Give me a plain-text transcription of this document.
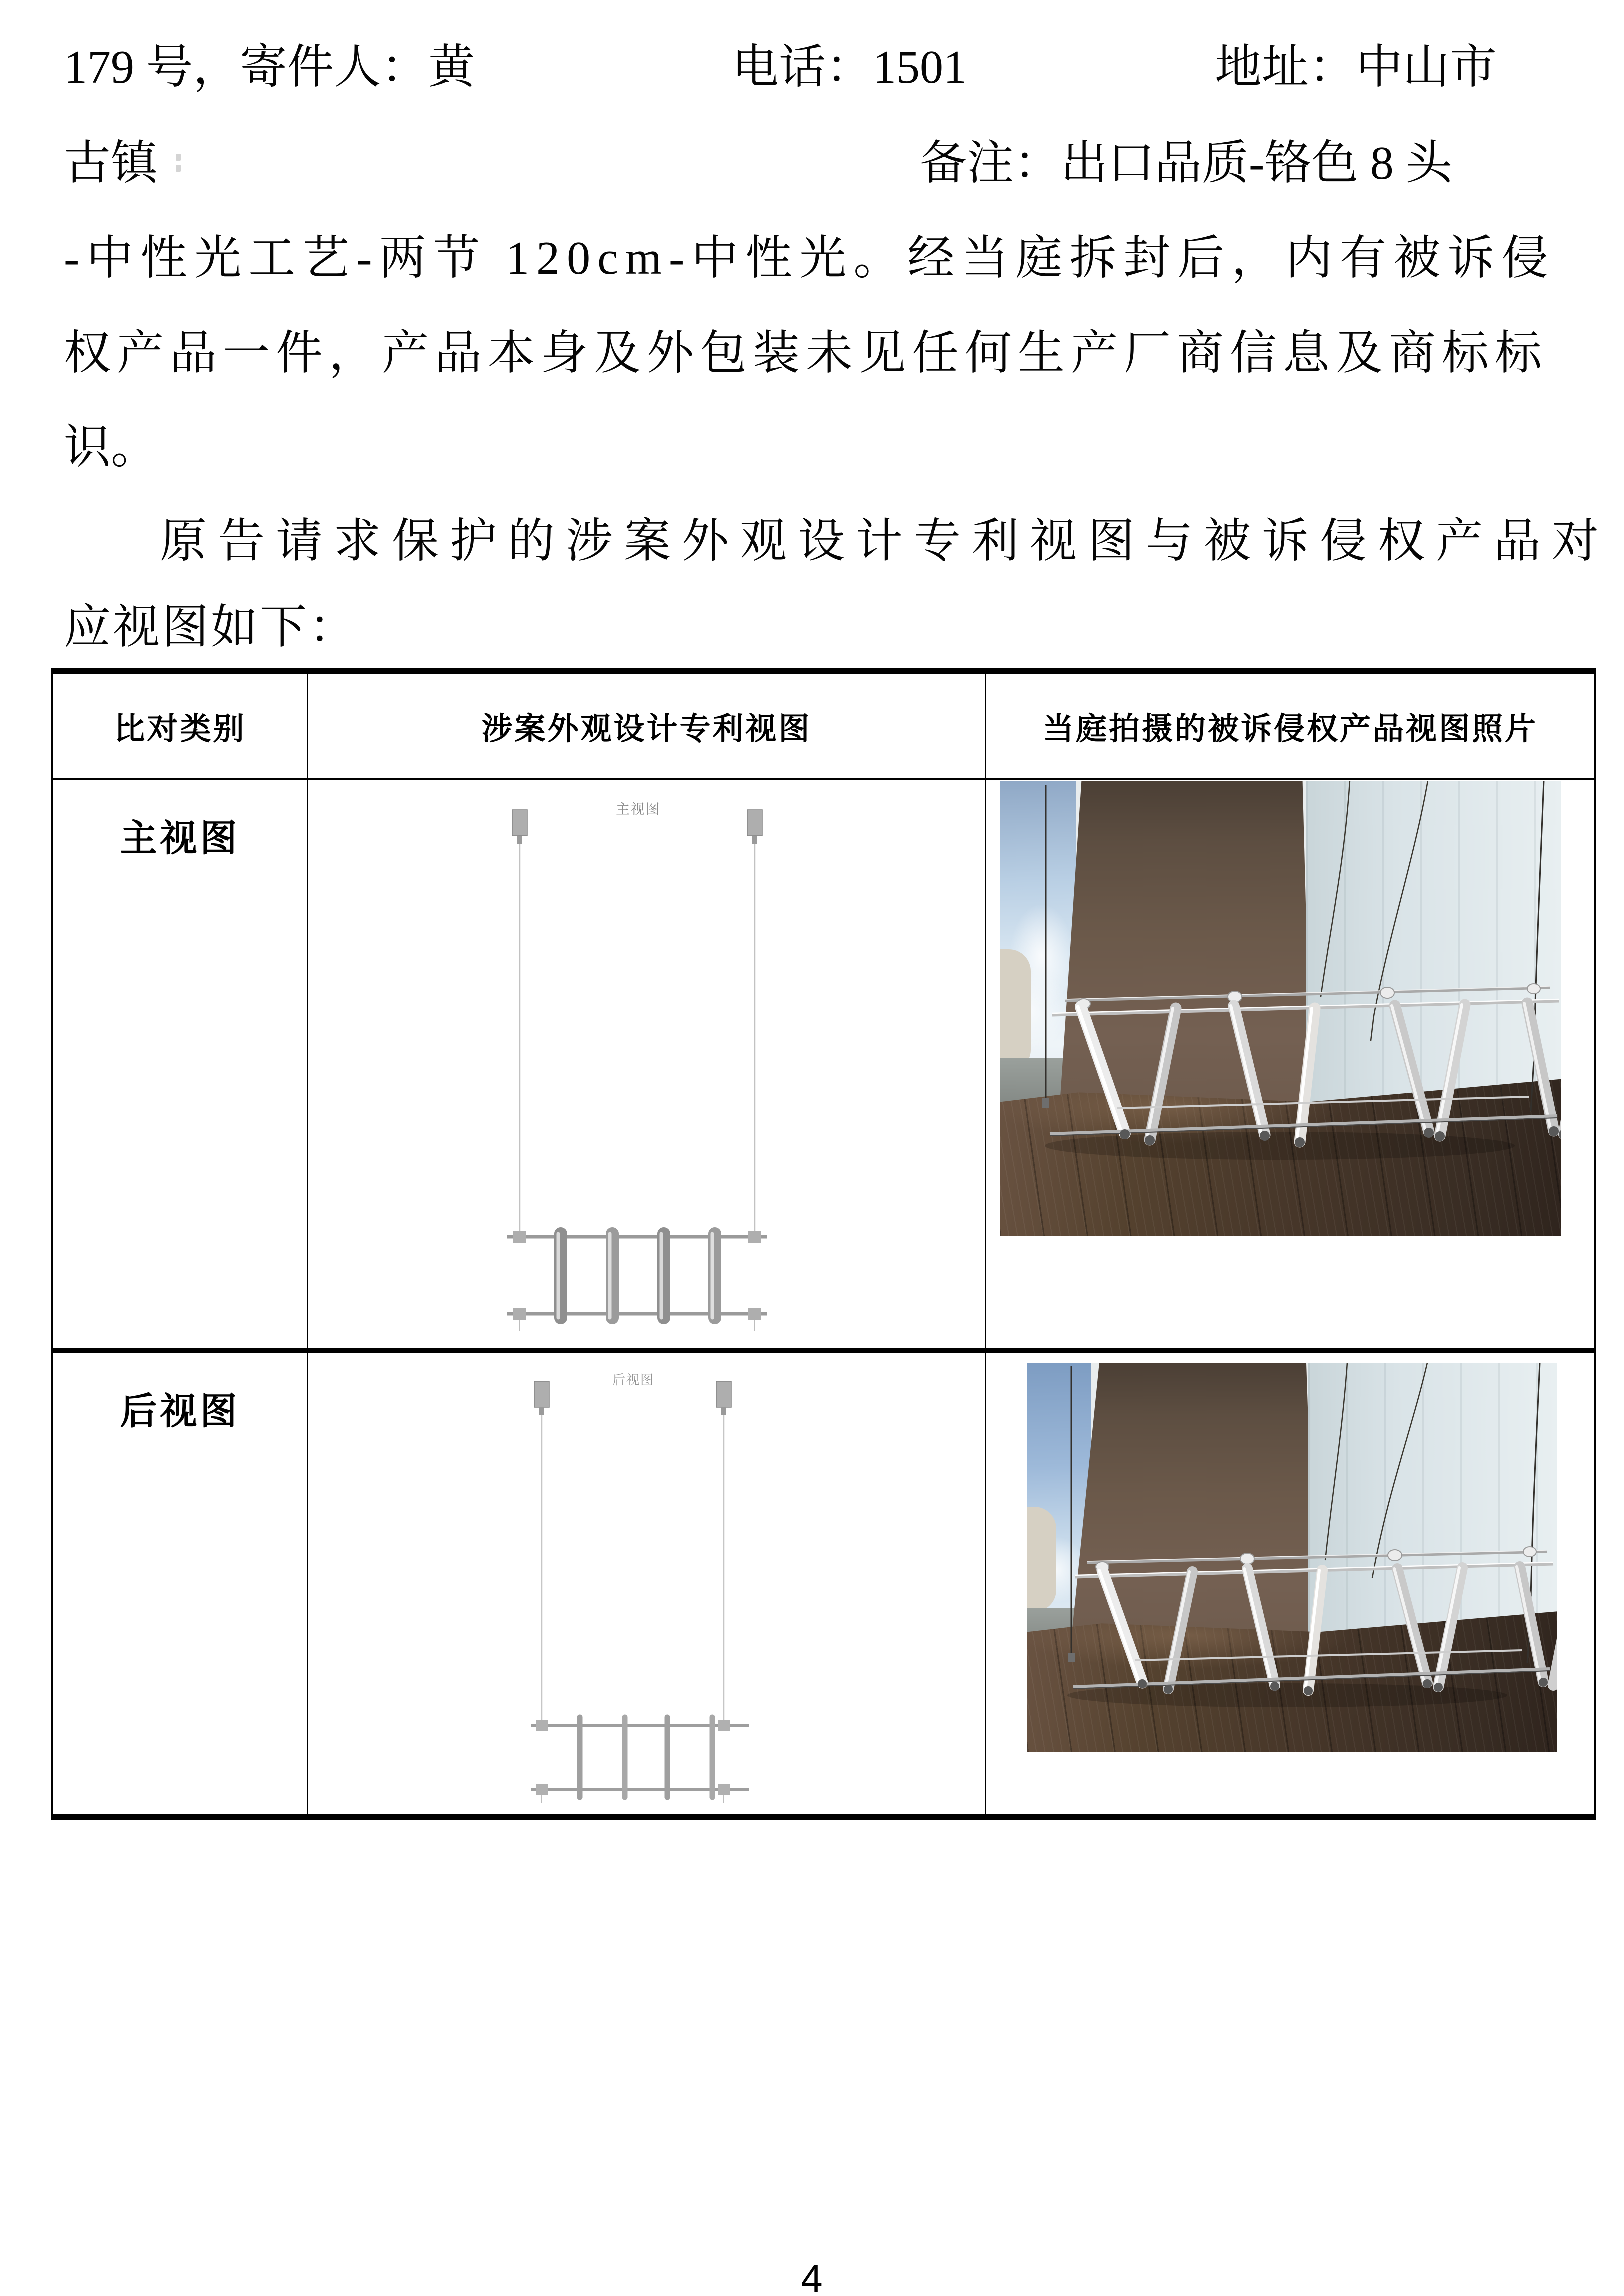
179 号，寄件人：黄	电话：1501	地址：中山市
古镇	备注：出口品质-铬色 8 头
-中性光工艺-两节 120cm-中性光。经当庭拆封后，内有被诉侵
权产品一件，产品本身及外包装未见任何生产厂商信息及商标标
识。
原告请求保护的涉案外观设计专利视图与被诉侵权产品对
应视图如下：
比对类别	涉案外观设计专利视图	当庭拍摄的被诉侵权产品视图照片
主视图
主视图
后视图
后视图
4
